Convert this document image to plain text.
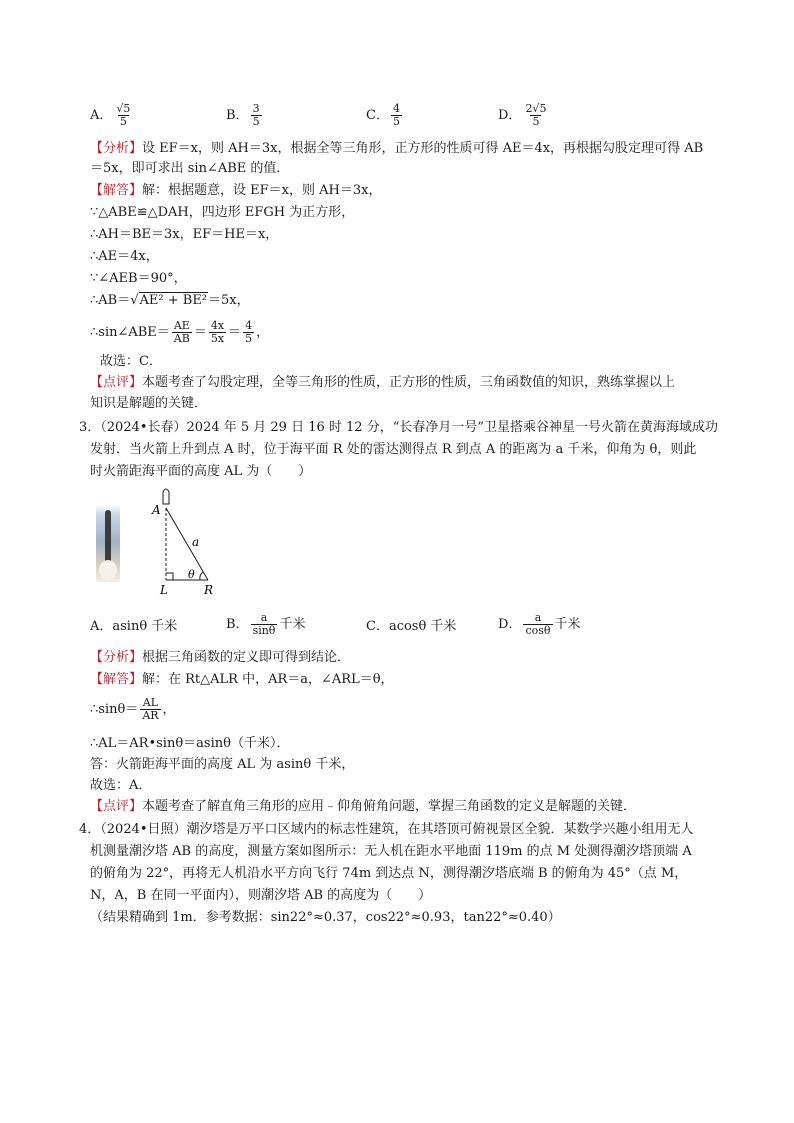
A． $\frac{√5}{5}$	B． $\frac{3}{5}$	C． $\frac{4}{5}$	D． $\frac{2√5}{5}$
【分析】设 EF＝x，则 AH＝3x，根据全等三角形，正方形的性质可得 AE＝4x，再根据勾股定理可得 AB
＝5x，即可求出 sin∠ABE 的值．
【解答】解：根据题意，设 EF＝x，则 AH＝3x，
∵△ABE≌△DAH，四边形 EFGH 为正方形，
∴AH＝BE＝3x，EF＝HE＝x，
∴AE＝4x，
∵∠AEB＝90°，
∴AB＝√AE² + BE²＝5x，
∴sin∠ABE＝ $\frac{AE}{AB} = \frac{4x}{5x} = \frac{4}{5}$ ，
故选：C．
【点评】本题考查了勾股定理，全等三角形的性质，正方形的性质，三角函数值的知识，熟练掌握以上
知识是解题的关键．
3．（2024•长春）2024 年 5 月 29 日 16 时 12 分，“长春净月一号”卫星搭乘谷神星一号火箭在黄海海域成功
发射．当火箭上升到点 A 时，位于海平面 R 处的雷达测得点 R 到点 A 的距离为 a 千米，仰角为 θ，则此
时火箭距海平面的高度 AL 为（　　）
A
a
θ
L	R
A．asinθ 千米	B． $\frac{a}{\sin\theta}$ 千米	C．acosθ 千米	D． $\frac{a}{\cos\theta}$ 千米
【分析】根据三角函数的定义即可得到结论．
【解答】解：在 Rt△ALR 中，AR＝a，∠ARL＝θ，
∴sinθ＝ $\frac{AL}{AR}$ ，
∴AL＝AR•sinθ＝asinθ（千米）．
答：火箭距海平面的高度 AL 为 asinθ 千米，
故选：A．
【点评】本题考查了解直角三角形的应用﹣仰角俯角问题，掌握三角函数的定义是解题的关键．
4．（2024•日照）潮汐塔是万平口区域内的标志性建筑，在其塔顶可俯视景区全貌．某数学兴趣小组用无人
机测量潮汐塔 AB 的高度，测量方案如图所示：无人机在距水平地面 119m 的点 M 处测得潮汐塔顶端 A
的俯角为 22°，再将无人机沿水平方向飞行 74m 到达点 N，测得潮汐塔底端 B 的俯角为 45°（点 M，
N，A，B 在同一平面内），则潮汐塔 AB 的高度为（　　）
（结果精确到 1m．参考数据：sin22°≈0.37，cos22°≈0.93，tan22°≈0.40）
